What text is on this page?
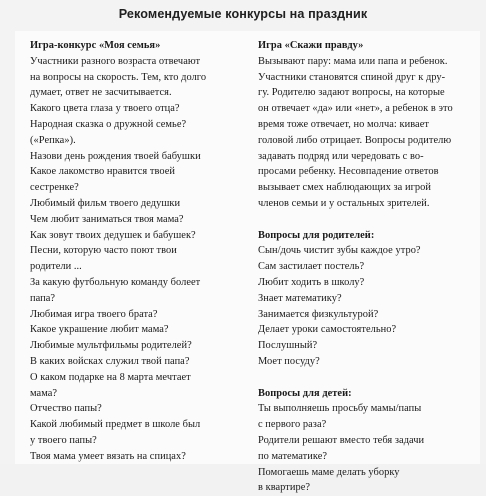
Рекомендуемые конкурсы на праздник
Игра-конкурс «Моя семья»
Участники разного возраста отвечают
на вопросы на скорость. Тем, кто долго
думает, ответ не засчитывается.
Какого цвета глаза у твоего отца?
Народная сказка о дружной семье?
(«Репка»).
Назови день рождения твоей бабушки
Какое лакомство нравится твоей
сестренке?
Любимый фильм твоего дедушки
Чем любит заниматься твоя мама?
Как зовут твоих дедушек и бабушек?
Песни, которую часто поют твои
родители ...
За какую футбольную команду болеет
папа?
Любимая игра твоего брата?
Какое украшение любит мама?
Любимые мультфильмы родителей?
В каких войсках служил твой папа?
О каком подарке на 8 марта мечтает
мама?
Отчество папы?
Какой любимый предмет в школе был
у твоего папы?
Твоя мама умеет вязать на спицах?
Игра «Скажи правду»
Вызывают пару: мама или папа и ребенок.
Участники становятся спиной друг к дру-
гу. Родителю задают вопросы, на которые
он отвечает «да» или «нет», а ребенок в это
время тоже отвечает, но молча: кивает
головой либо отрицает. Вопросы родителю
задавать подряд или чередовать с во-
просами ребенку. Несовпадение ответов
вызывает смех наблюдающих за игрой
членов семьи и у остальных зрителей.
Вопросы для родителей:
Сын/дочь чистит зубы каждое утро?
Сам застилает постель?
Любит ходить в школу?
Знает математику?
Занимается физкультурой?
Делает уроки самостоятельно?
Послушный?
Моет посуду?
Вопросы для детей:
Ты выполняешь просьбу мамы/папы
с первого раза?
Родители решают вместо тебя задачи
по математике?
Помогаешь маме делать уборку
в квартире?
